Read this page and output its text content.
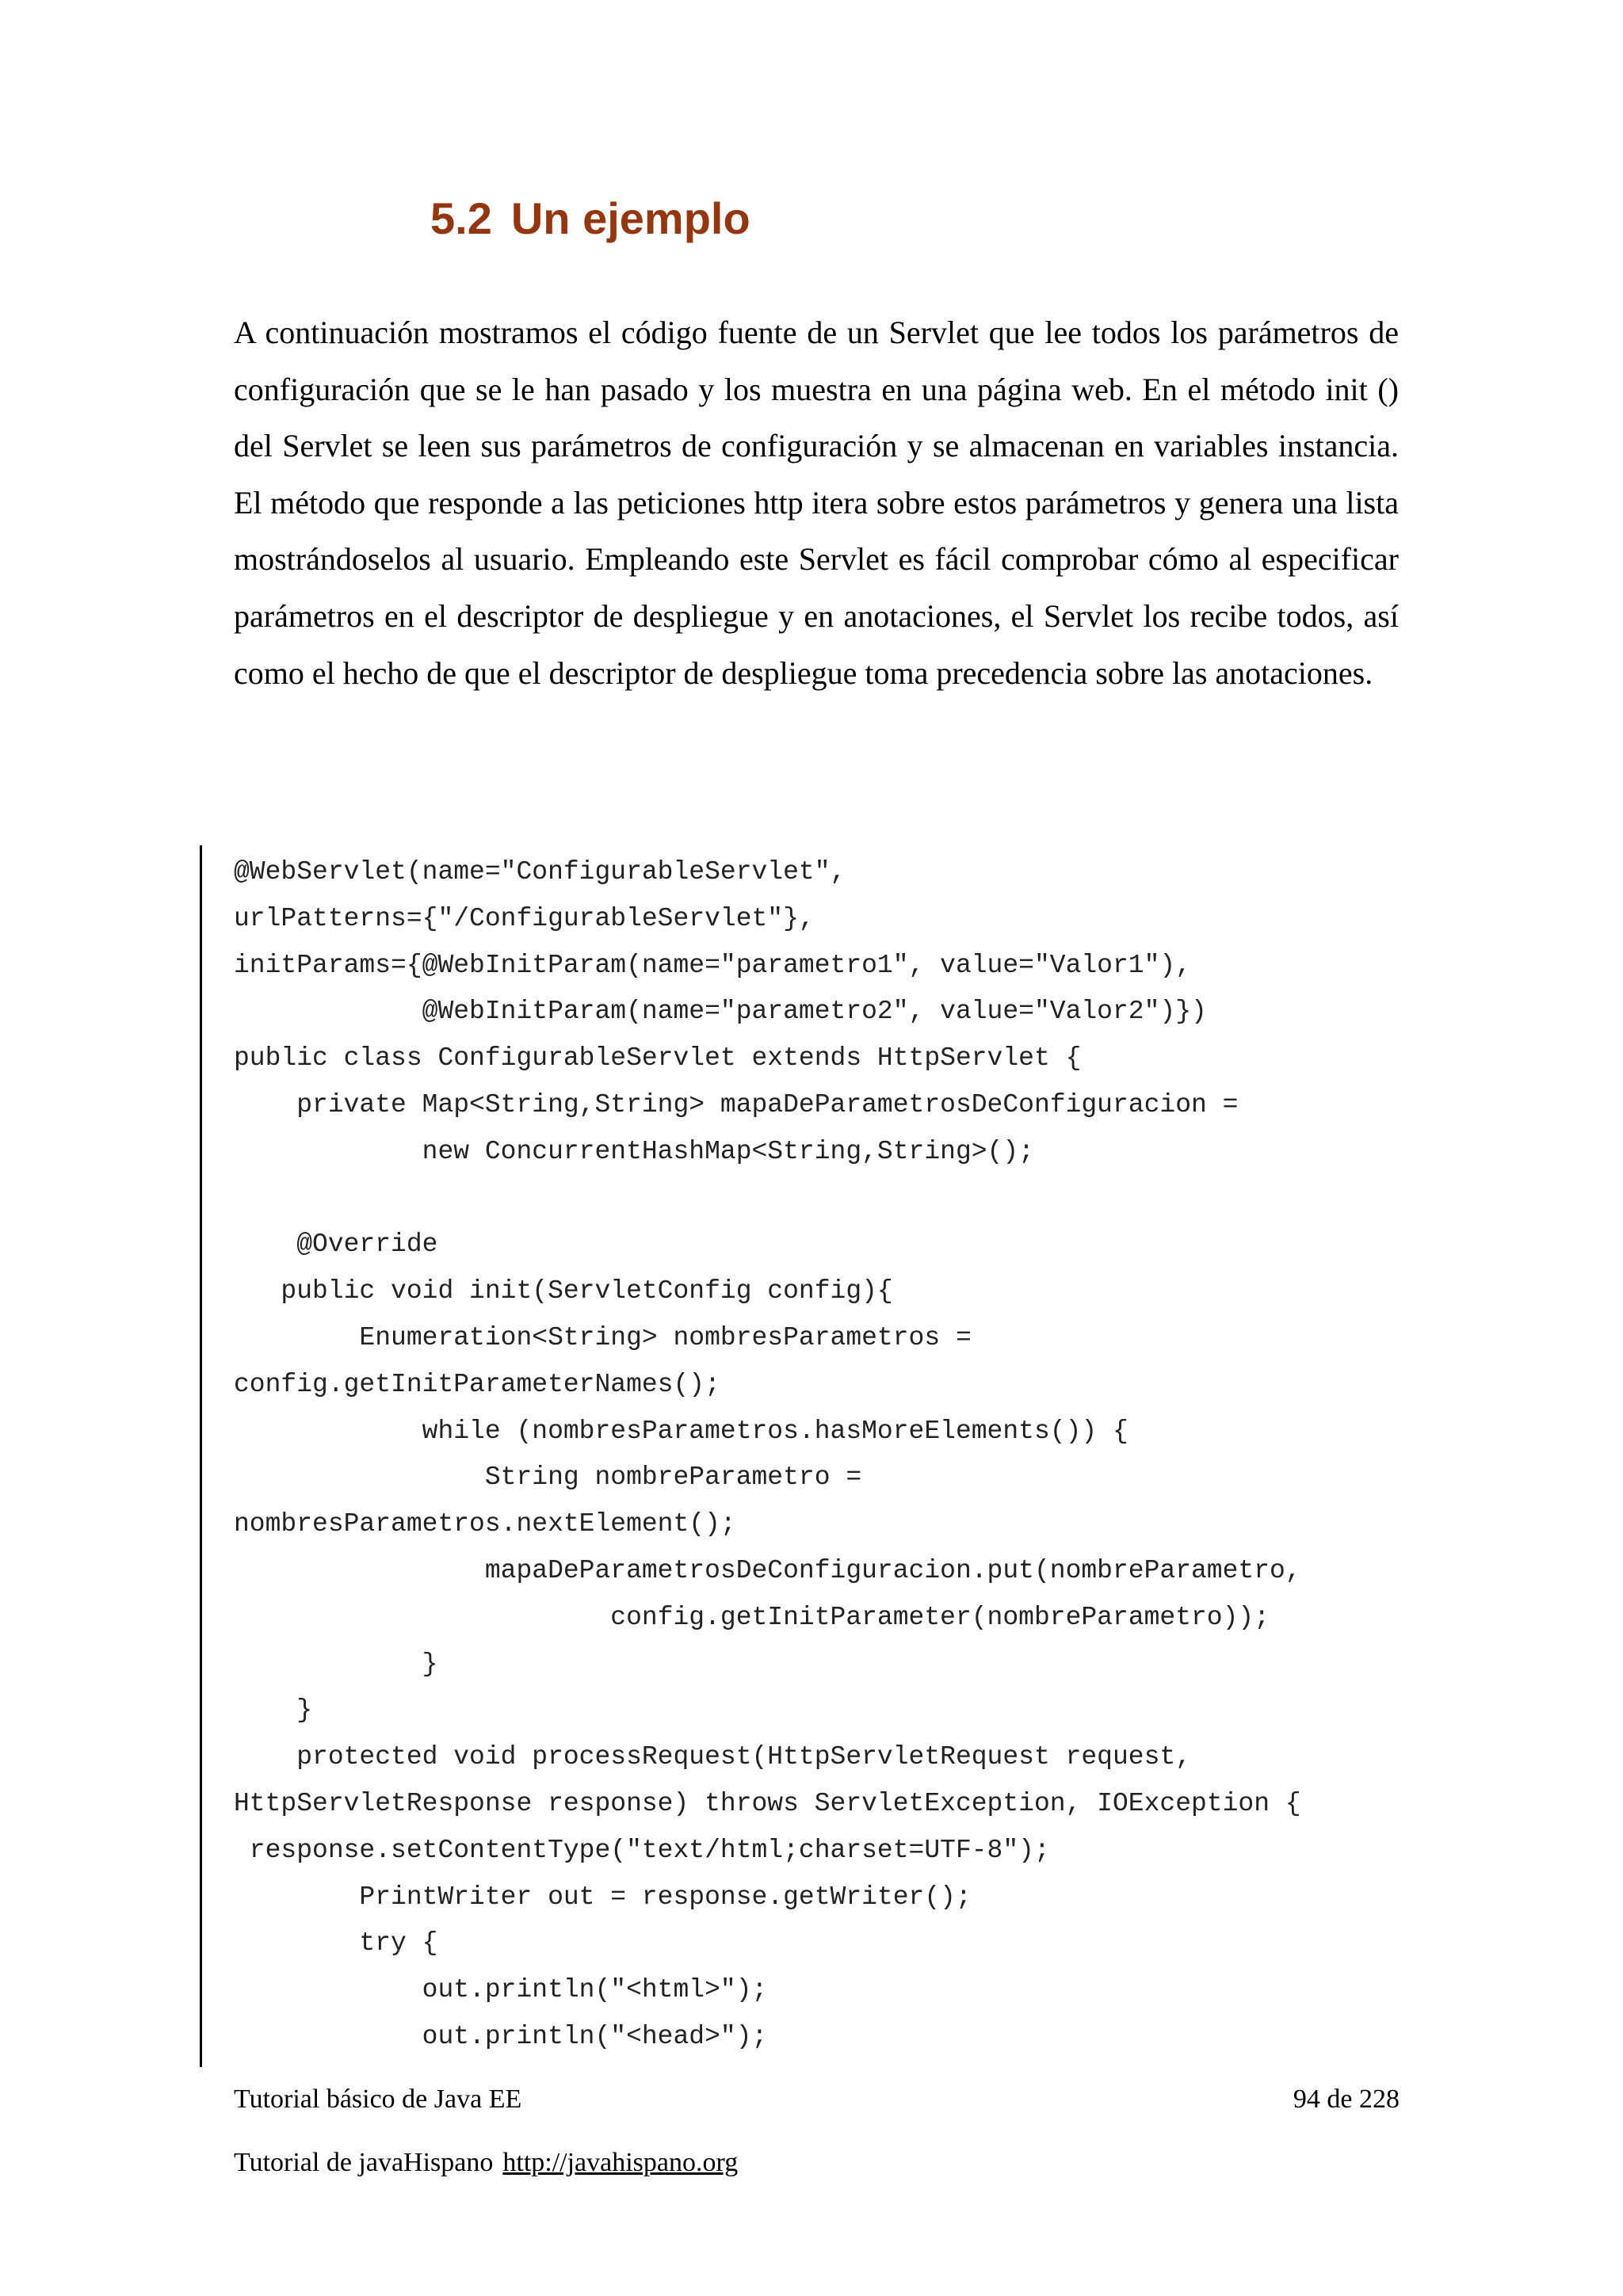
5.2 Un ejemplo

A continuación mostramos el código fuente de un Servlet que lee todos los parámetros de configuración que se le han pasado y los muestra en una página web. En el método init () del Servlet se leen sus parámetros de configuración y se almacenan en variables instancia. El método que responde a las peticiones http itera sobre estos parámetros y genera una lista mostrándoselos al usuario. Empleando este Servlet es fácil comprobar cómo al especificar parámetros en el descriptor de despliegue y en anotaciones, el Servlet los recibe todos, así como el hecho de que el descriptor de despliegue toma precedencia sobre las anotaciones.

@WebServlet(name="ConfigurableServlet",
urlPatterns={"/ConfigurableServlet"},
initParams={@WebInitParam(name="parametro1", value="Valor1"),
@WebInitParam(name="parametro2", value="Valor2")})
public class ConfigurableServlet extends HttpServlet {
private Map<String,String> mapaDeParametrosDeConfiguracion =
new ConcurrentHashMap<String,String>();
@Override
public void init(ServletConfig config){
Enumeration<String> nombresParametros =
config.getInitParameterNames();
while (nombresParametros.hasMoreElements()) {
String nombreParametro =
nombresParametros.nextElement();
mapaDeParametrosDeConfiguracion.put(nombreParametro,
config.getInitParameter(nombreParametro));
}
}
protected void processRequest(HttpServletRequest request,
HttpServletResponse response) throws ServletException, IOException {
response.setContentType("text/html;charset=UTF-8");
PrintWriter out = response.getWriter();
try {
out.println("<html>");
out.println("<head>");
Tutorial básico de Java EE	94 de 228
Tutorial de javaHispano http://javahispano.org
